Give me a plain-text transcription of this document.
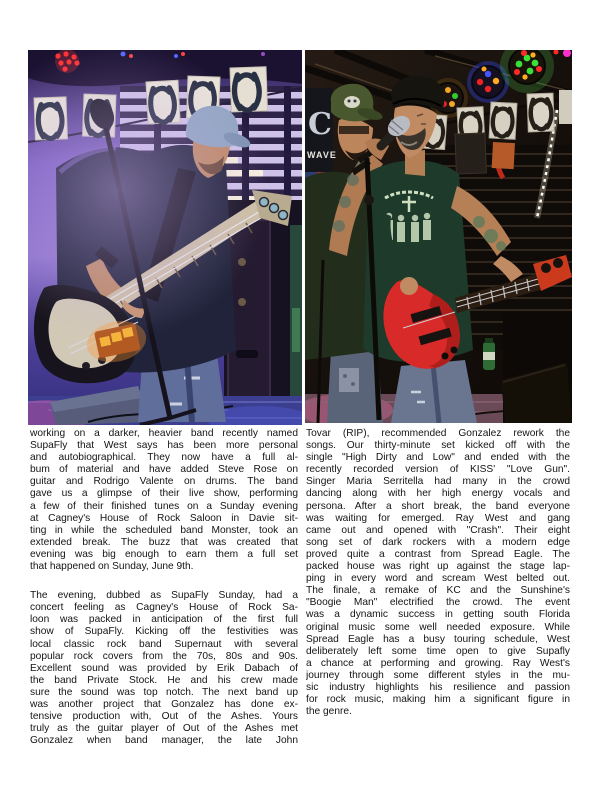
C
WAVE
working on a darker, heavier band recently named
SupaFly that West says has been more personal
and autobiographical. They now have a full al-
bum of material and have added Steve Rose on
guitar and Rodrigo Valente on drums. The band
gave us a glimpse of their live show, performing
a few of their finished tunes on a Sunday evening
at Cagney's House of Rock Saloon in Davie sit-
ting in while the scheduled band Monster, took an
extended break. The buzz that was created that
evening was big enough to earn them a full set
that happened on Sunday, June 9th.
The evening, dubbed as SupaFly Sunday, had a
concert feeling as Cagney's House of Rock Sa-
loon was packed in anticipation of the first full
show of SupaFly. Kicking off the festivities was
local classic rock band Supernaut with several
popular rock covers from the 70s, 80s and 90s.
Excellent sound was provided by Erik Dabach of
the band Private Stock. He and his crew made
sure the sound was top notch. The next band up
was another project that Gonzalez has done ex-
tensive production with, Out of the Ashes. Yours
truly as the guitar player of Out of the Ashes met
Gonzalez when band manager, the late John
Tovar (RIP), recommended Gonzalez rework the
songs. Our thirty-minute set kicked off with the
single "High Dirty and Low" and ended with the
recently recorded version of KISS' "Love Gun".
Singer Maria Serritella had many in the crowd
dancing along with her high energy vocals and
persona. After a short break, the band everyone
was waiting for emerged. Ray West and gang
came out and opened with "Crash". Their eight
song set of dark rockers with a modern edge
proved quite a contrast from Spread Eagle. The
packed house was right up against the stage lap-
ping in every word and scream West belted out.
The finale, a remake of KC and the Sunshine's
"Boogie Man" electrified the crowd. The event
was a dynamic success in getting south Florida
original music some well needed exposure. While
Spread Eagle has a busy touring schedule, West
deliberately left some time open to give Supafly
a chance at performing and growing. Ray West's
journey through some different styles in the mu-
sic industry highlights his resilience and passion
for rock music, making him a significant figure in
the genre.
